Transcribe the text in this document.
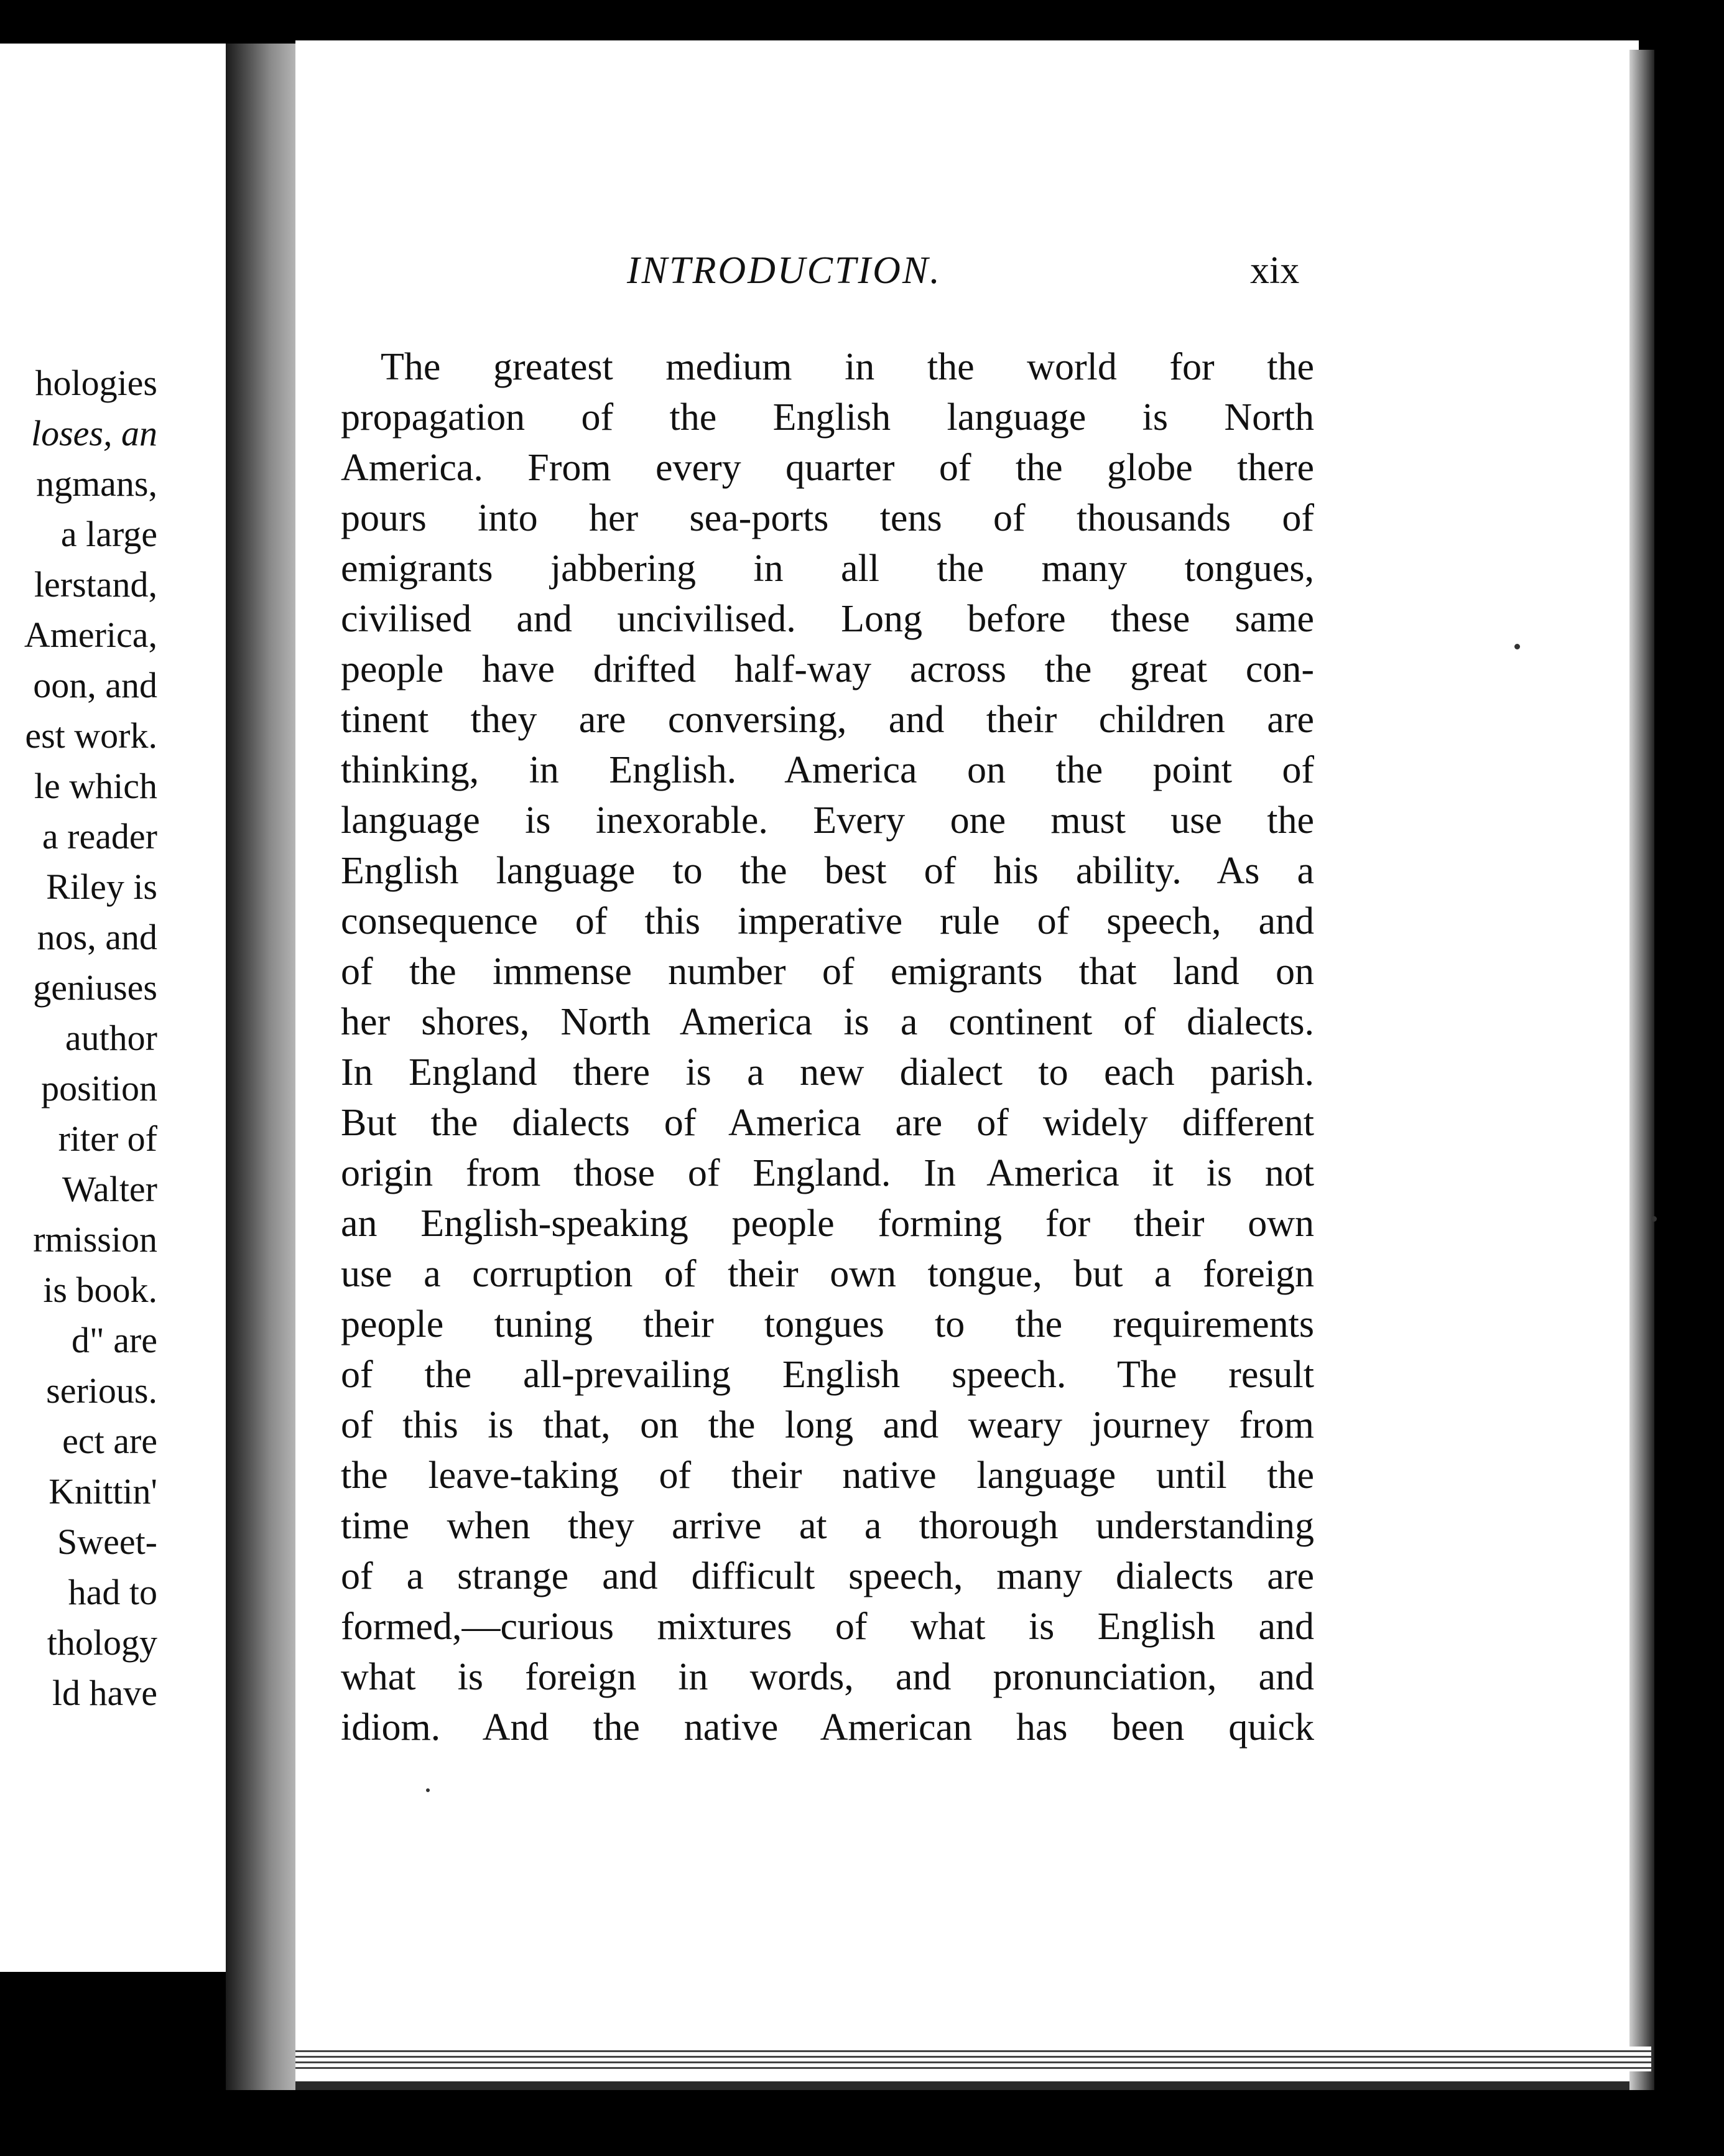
hologies
loses, an
ngmans,
a large
lerstand,
America,
oon, and
est work.
le which
a reader
Riley is
nos, and
geniuses
author
position
riter of
Walter
rmission
is book.
d" are
serious.
ect are
Knittin'
Sweet-
had to
thology
ld have
INTRODUCTION.	xix
The greatest medium in the world for the
propagation of the English language is North
America. From every quarter of the globe there
pours into her sea-ports tens of thousands of
emigrants jabbering in all the many tongues,
civilised and uncivilised. Long before these same
people have drifted half-way across the great con-
tinent they are conversing, and their children are
thinking, in English. America on the point of
language is inexorable. Every one must use the
English language to the best of his ability. As a
consequence of this imperative rule of speech, and
of the immense number of emigrants that land on
her shores, North America is a continent of dialects.
In England there is a new dialect to each parish.
But the dialects of America are of widely different
origin from those of England. In America it is not
an English-speaking people forming for their own
use a corruption of their own tongue, but a foreign
people tuning their tongues to the requirements
of the all-prevailing English speech. The result
of this is that, on the long and weary journey from
the leave-taking of their native language until the
time when they arrive at a thorough understanding
of a strange and difficult speech, many dialects are
formed,—curious mixtures of what is English and
what is foreign in words, and pronunciation, and
idiom. And the native American has been quick
